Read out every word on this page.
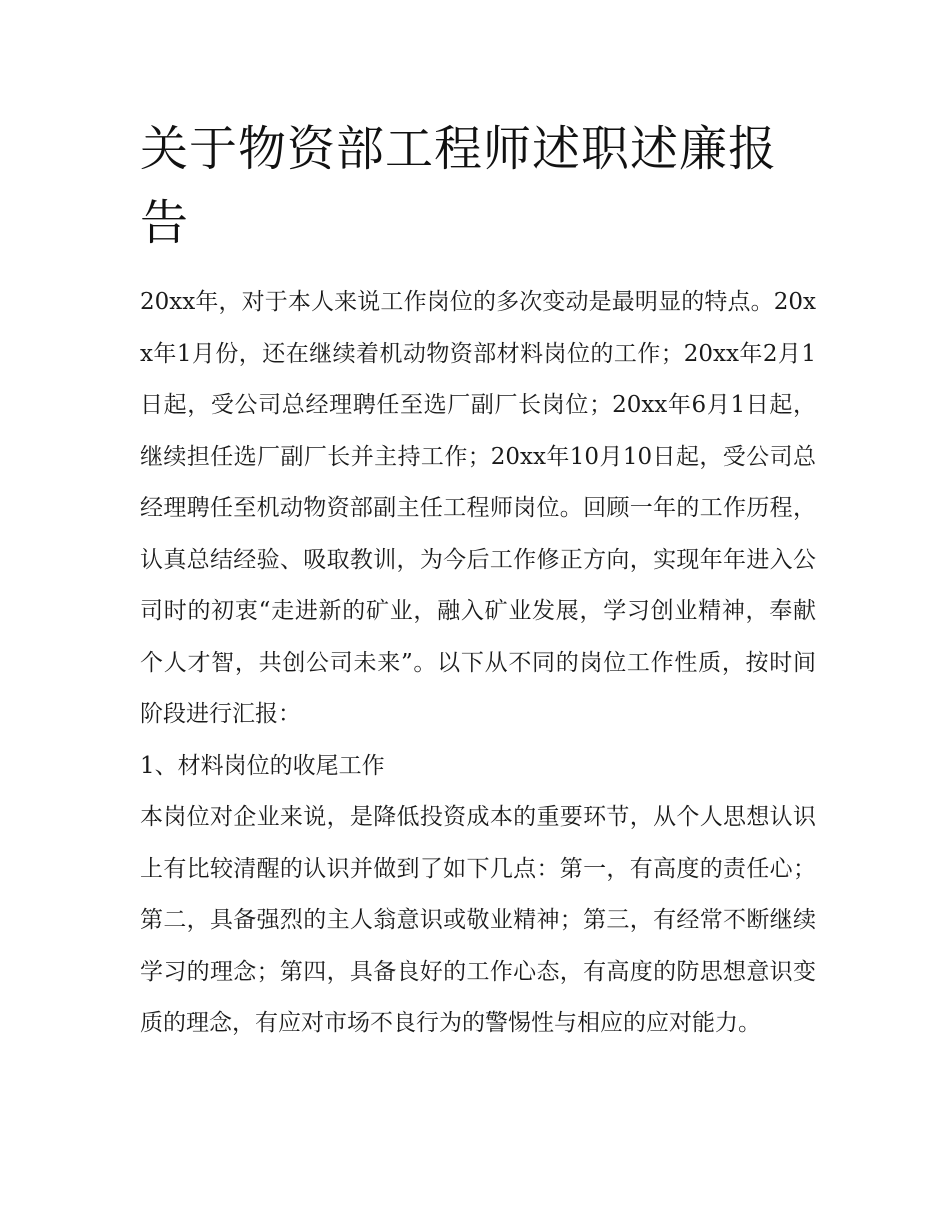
关于物资部工程师述职述廉报告

20xx年，对于本人来说工作岗位的多次变动是最明显的特点。20xx年1月份，还在继续着机动物资部材料岗位的工作；20xx年2月1日起，受公司总经理聘任至选厂副厂长岗位；20xx年6月1日起，继续担任选厂副厂长并主持工作；20xx年10月10日起，受公司总经理聘任至机动物资部副主任工程师岗位。回顾一年的工作历程，认真总结经验、吸取教训，为今后工作修正方向，实现年年进入公司时的初衷“走进新的矿业，融入矿业发展，学习创业精神，奉献个人才智，共创公司未来”。以下从不同的岗位工作性质，按时间阶段进行汇报：

1、材料岗位的收尾工作

本岗位对企业来说，是降低投资成本的重要环节，从个人思想认识上有比较清醒的认识并做到了如下几点：第一，有高度的责任心；第二，具备强烈的主人翁意识或敬业精神；第三，有经常不断继续学习的理念；第四，具备良好的工作心态，有高度的防思想意识变质的理念，有应对市场不良行为的警惕性与相应的应对能力。
